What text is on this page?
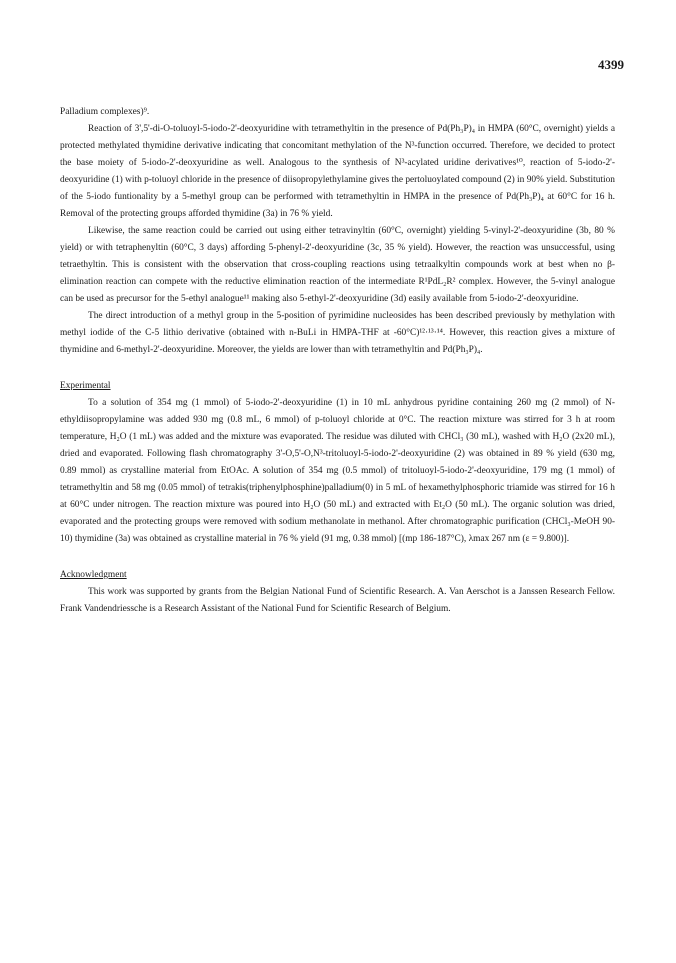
4399

Palladium complexes)⁹.

Reaction of 3',5'-di-O-toluoyl-5-iodo-2'-deoxyuridine with tetramethyltin in the presence of Pd(Ph₃P)₄ in HMPA (60°C, overnight) yields a protected methylated thymidine derivative indicating that concomitant methylation of the N³-function occurred. Therefore, we decided to protect the base moiety of 5-iodo-2'-deoxyuridine as well. Analogous to the synthesis of N³-acylated uridine derivatives¹⁰, reaction of 5-iodo-2'-deoxyuridine (1) with p-toluoyl chloride in the presence of diisopropylethylamine gives the pertoluoylated compound (2) in 90% yield. Substitution of the 5-iodo funtionality by a 5-methyl group can be performed with tetramethyltin in HMPA in the presence of Pd(Ph₃P)₄ at 60°C for 16 h. Removal of the protecting groups afforded thymidine (3a) in 76 % yield.

Likewise, the same reaction could be carried out using either tetravinyltin (60°C, overnight) yielding 5-vinyl-2'-deoxyuridine (3b, 80 % yield) or with tetraphenyltin (60°C, 3 days) affording 5-phenyl-2'-deoxyuridine (3c, 35 % yield). However, the reaction was unsuccessful, using tetraethyltin. This is consistent with the observation that cross-coupling reactions using tetraalkyltin compounds work at best when no β-elimination reaction can compete with the reductive elimination reaction of the intermediate R¹PdL₂R² complex. However, the 5-vinyl analogue can be used as precursor for the 5-ethyl analogue¹¹ making also 5-ethyl-2'-deoxyuridine (3d) easily available from 5-iodo-2'-deoxyuridine.

The direct introduction of a methyl group in the 5-position of pyrimidine nucleosides has been described previously by methylation with methyl iodide of the C-5 lithio derivative (obtained with n-BuLi in HMPA-THF at -60°C)¹²·¹³·¹⁴. However, this reaction gives a mixture of thymidine and 6-methyl-2'-deoxyuridine. Moreover, the yields are lower than with tetramethyltin and Pd(Ph₃P)₄.

Experimental

To a solution of 354 mg (1 mmol) of 5-iodo-2'-deoxyuridine (1) in 10 mL anhydrous pyridine containing 260 mg (2 mmol) of N-ethyldiisopropylamine was added 930 mg (0.8 mL, 6 mmol) of p-toluoyl chloride at 0°C. The reaction mixture was stirred for 3 h at room temperature, H₂O (1 mL) was added and the mixture was evaporated. The residue was diluted with CHCl₃ (30 mL), washed with H₂O (2x20 mL), dried and evaporated. Following flash chromatography 3'-O,5'-O,N³-tritoluoyl-5-iodo-2'-deoxyuridine (2) was obtained in 89 % yield (630 mg, 0.89 mmol) as crystalline material from EtOAc. A solution of 354 mg (0.5 mmol) of tritoluoyl-5-iodo-2'-deoxyuridine, 179 mg (1 mmol) of tetramethyltin and 58 mg (0.05 mmol) of tetrakis(triphenylphosphine)palladium(0) in 5 mL of hexamethylphosphoric triamide was stirred for 16 h at 60°C under nitrogen. The reaction mixture was poured into H₂O (50 mL) and extracted with Et₂O (50 mL). The organic solution was dried, evaporated and the protecting groups were removed with sodium methanolate in methanol. After chromatographic purification (CHCl₃-MeOH 90-10) thymidine (3a) was obtained as crystalline material in 76 % yield (91 mg, 0.38 mmol) [(mp 186-187°C), λmax 267 nm (ε = 9.800)].

Acknowledgment

This work was supported by grants from the Belgian National Fund of Scientific Research. A. Van Aerschot is a Janssen Research Fellow. Frank Vandendriessche is a Research Assistant of the National Fund for Scientific Research of Belgium.
